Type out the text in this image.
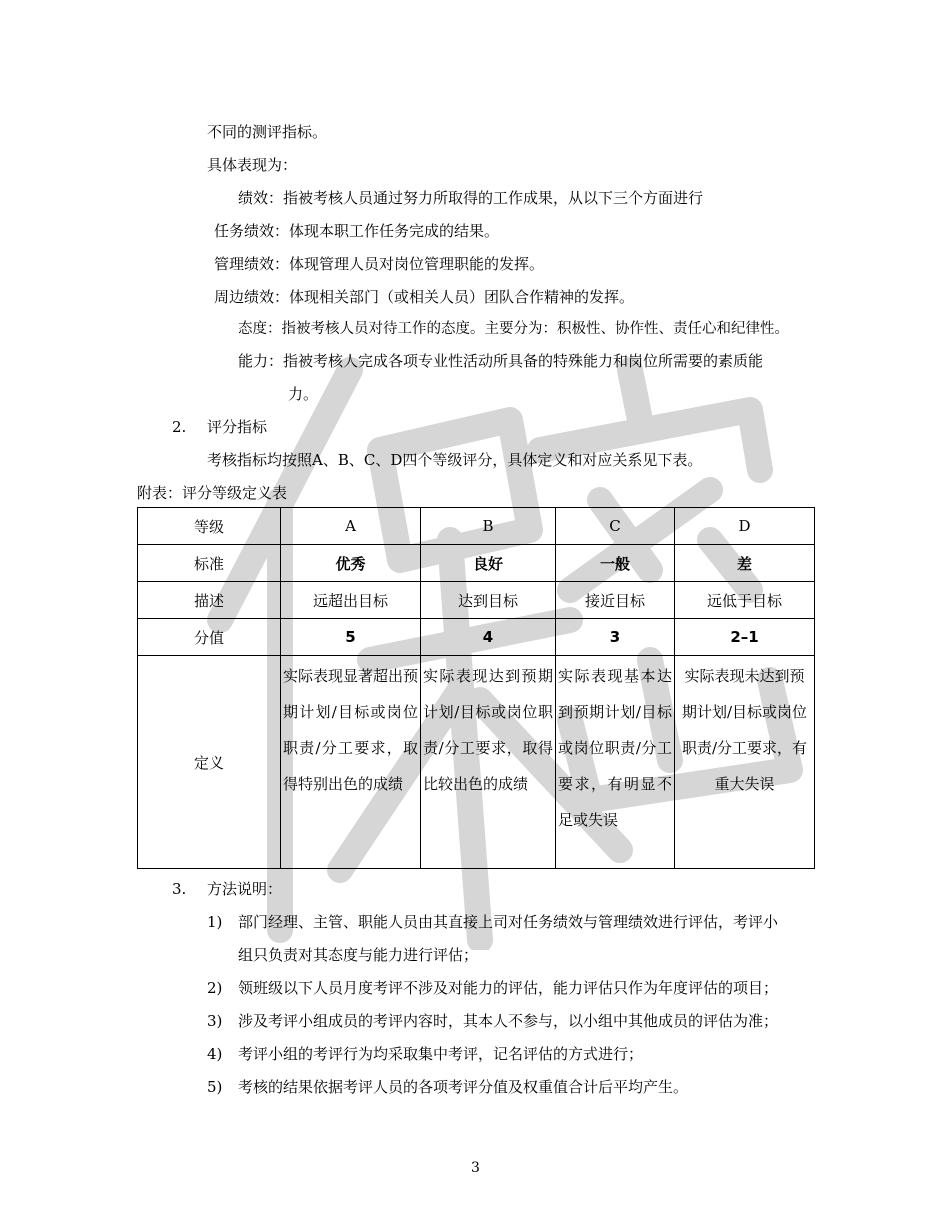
不同的测评指标。
具体表现为：
绩效：指被考核人员通过努力所取得的工作成果，从以下三个方面进行
任务绩效：体现本职工作任务完成的结果。
管理绩效：体现管理人员对岗位管理职能的发挥。
周边绩效：体现相关部门（或相关人员）团队合作精神的发挥。
态度：指被考核人员对待工作的态度。主要分为：积极性、协作性、责任心和纪律性。
能力：指被考核人完成各项专业性活动所具备的特殊能力和岗位所需要的素质能
力。
2. 评分指标
考核指标均按照A、B、C、D四个等级评分，具体定义和对应关系见下表。
附表：评分等级定义表
等级	A	B	C	D
标准	优秀	良好	一般	差
描述	远超出目标	达到目标	接近目标	远低于目标
分值	5	4	3	2–1
定义	实际表现显著超出预期计划/目标或岗位职责/分工要求，取得特别出色的成绩	实际表现达到预期计划/目标或岗位职责/分工要求，取得比较出色的成绩	实际表现基本达到预期计划/目标或岗位职责/分工要求，有明显不足或失误	实际表现未达到预期计划/目标或岗位职责/分工要求，有重大失误
3. 方法说明：
1) 部门经理、主管、职能人员由其直接上司对任务绩效与管理绩效进行评估，考评小
组只负责对其态度与能力进行评估；
2) 领班级以下人员月度考评不涉及对能力的评估，能力评估只作为年度评估的项目；
3) 涉及考评小组成员的考评内容时，其本人不参与，以小组中其他成员的评估为准；
4) 考评小组的考评行为均采取集中考评，记名评估的方式进行；
5) 考核的结果依据考评人员的各项考评分值及权重值合计后平均产生。
3
